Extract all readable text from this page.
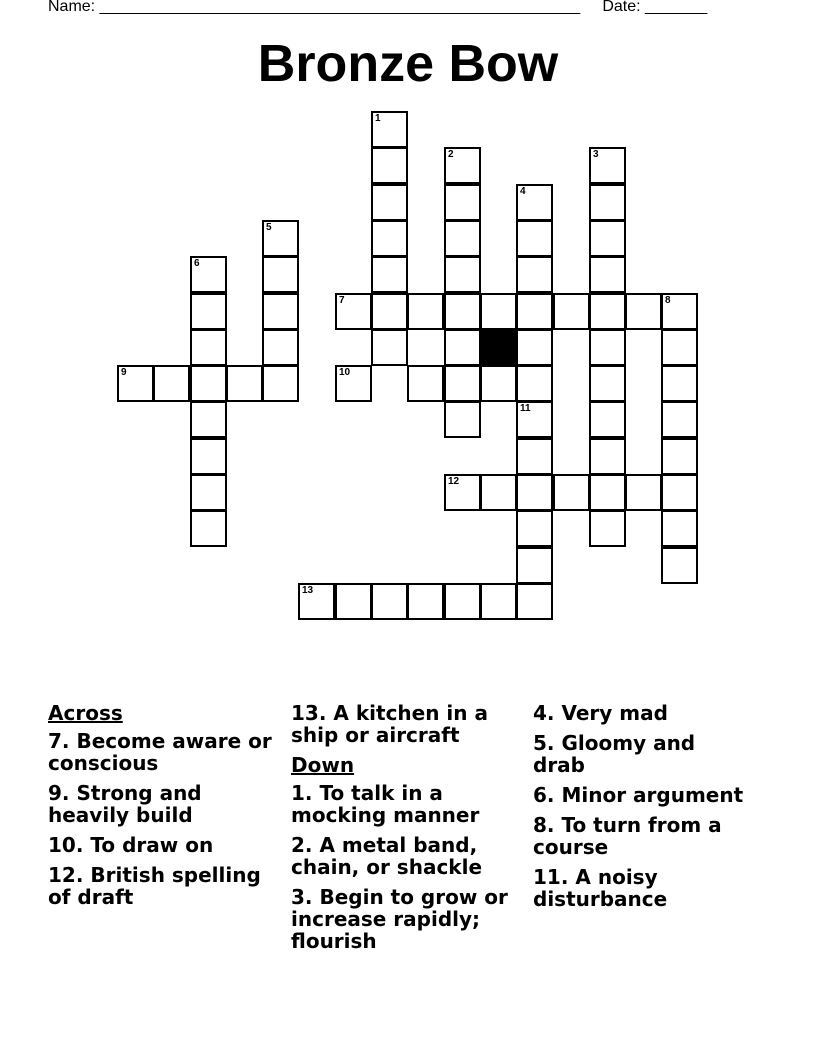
Name: ______________________________________________________ Date: _______
Bronze Bow
1
2	3
4
5
6
7	8
9	10
11
13
12
Across
7. Become aware or conscious
9. Strong and heavily build
10. To draw on
12. British spelling of draft
13. A kitchen in a ship or aircraft
Down
1. To talk in a mocking manner
2. A metal band, chain, or shackle
3. Begin to grow or increase rapidly; flourish
4. Very mad
5. Gloomy and drab
6. Minor argument
8. To turn from a course
11. A noisy disturbance
